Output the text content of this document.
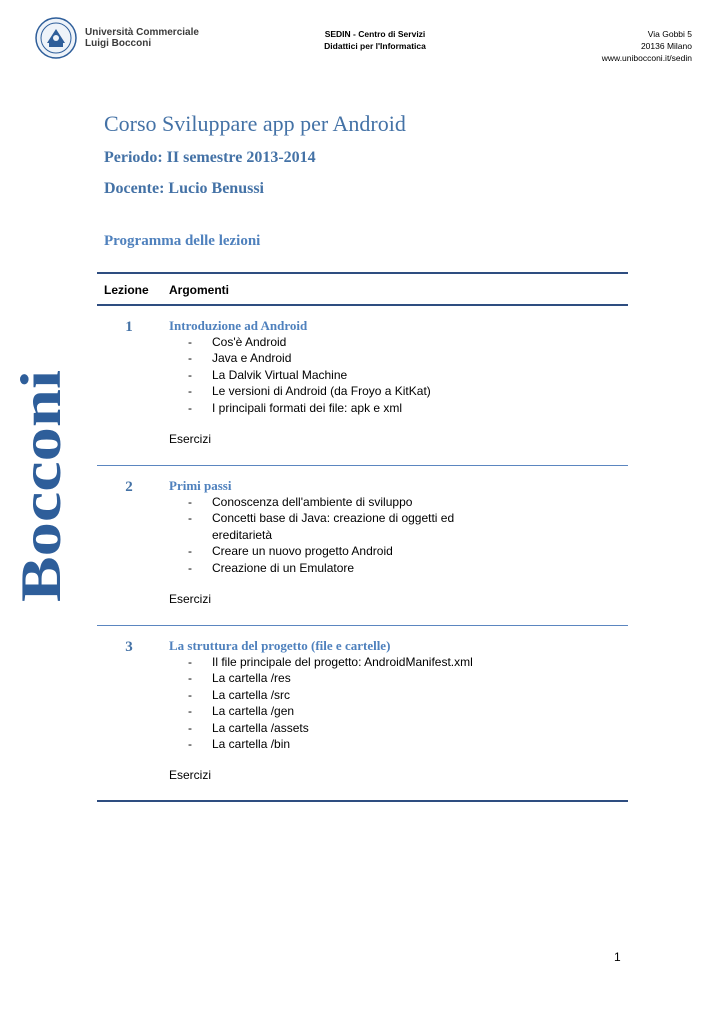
Università Commerciale
Luigi Bocconi
SEDIN - Centro di Servizi
Didattici per l'Informatica
Via Gobbi 5
20136 Milano
www.unibocconi.it/sedin
Bocconi
Corso Sviluppare app per Android
Periodo: II semestre 2013-2014
Docente: Lucio Benussi
Programma delle lezioni
Lezione Argomenti
1	Introduzione ad Android
- Cos'è Android
- Java e Android
- La Dalvik Virtual Machine
- Le versioni di Android (da Froyo a KitKat)
- I principali formati dei file: apk e xml
Esercizi
2	Primi passi
- Conoscenza dell'ambiente di sviluppo
- Concetti base di Java: creazione di oggetti ed ereditarietà
- Creare un nuovo progetto Android
- Creazione di un Emulatore
Esercizi
3	La struttura del progetto (file e cartelle)
- Il file principale del progetto: AndroidManifest.xml
- La cartella /res
- La cartella /src
- La cartella /gen
- La cartella /assets
- La cartella /bin
Esercizi
1
